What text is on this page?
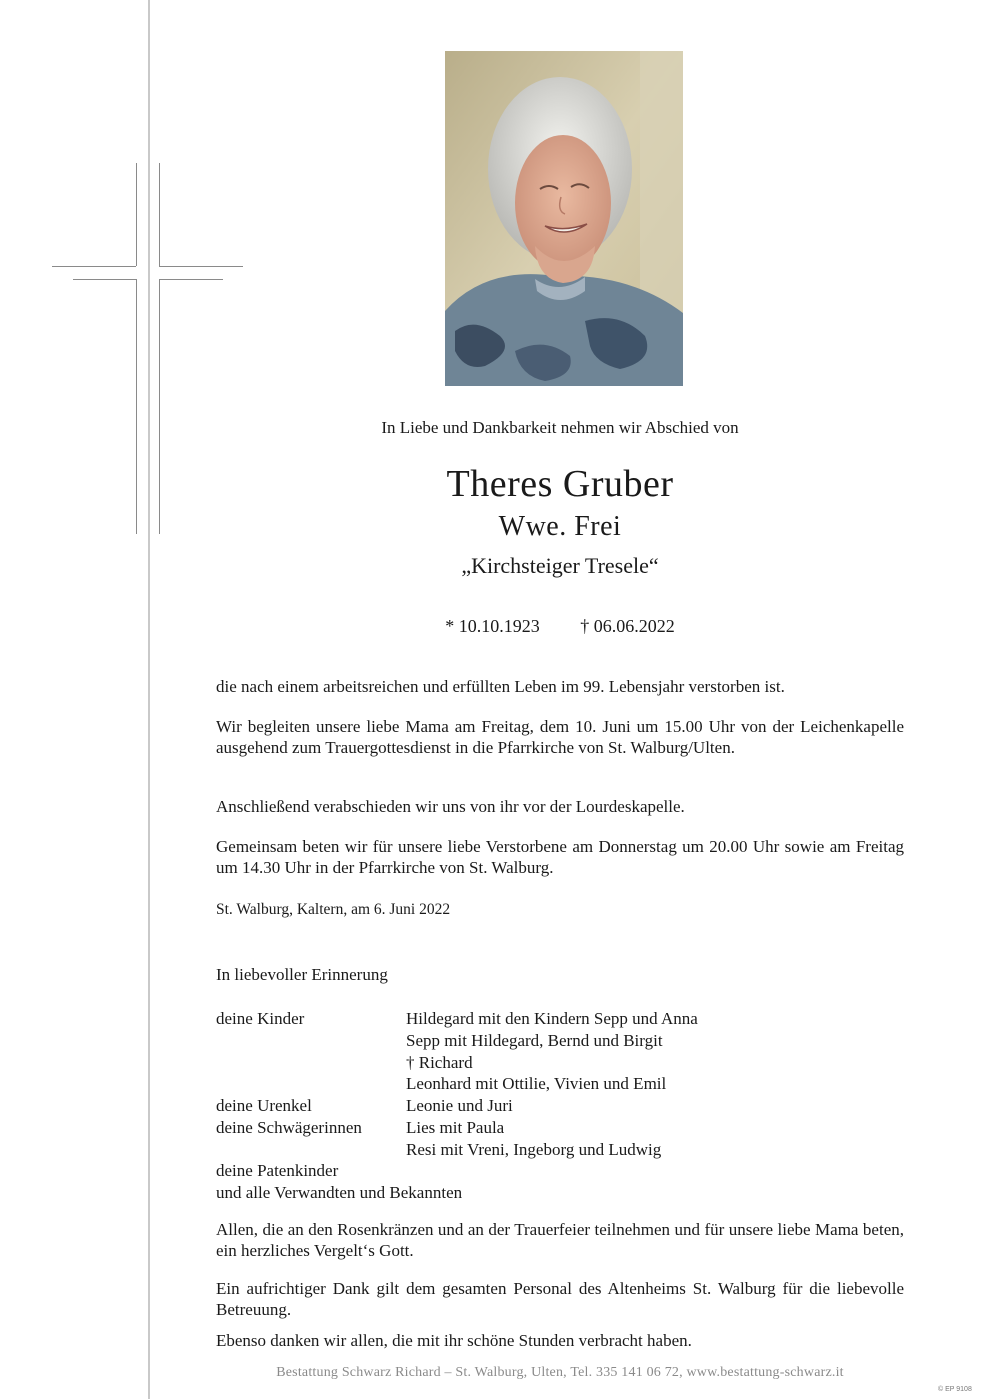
In Liebe und Dankbarkeit nehmen wir Abschied von
Theres Gruber
Wwe. Frei
„Kirchsteiger Tresele“
* 10.10.1923 † 06.06.2022
die nach einem arbeitsreichen und erfüllten Leben im 99. Lebensjahr verstorben ist.
Wir begleiten unsere liebe Mama am Freitag, dem 10. Juni um 15.00 Uhr von der Leichenkapelle ausgehend zum Trauergottesdienst in die Pfarrkirche von St. Walburg/Ulten.
Anschließend verabschieden wir uns von ihr vor der Lourdeskapelle.
Gemeinsam beten wir für unsere liebe Verstorbene am Donnerstag um 20.00 Uhr sowie am Freitag um 14.30 Uhr in der Pfarrkirche von St. Walburg.
St. Walburg, Kaltern, am 6. Juni 2022
In liebevoller Erinnerung
deine Kinder	Hildegard mit den Kindern Sepp und Anna
Sepp mit Hildegard, Bernd und Birgit
† Richard
Leonhard mit Ottilie, Vivien und Emil
Leonie und Juri
Lies mit Paula
Resi mit Vreni, Ingeborg und Ludwig
deine Urenkel
deine Schwägerinnen
deine Patenkinder
und alle Verwandten und Bekannten
Allen, die an den Rosenkränzen und an der Trauerfeier teilnehmen und für unsere liebe Mama beten, ein herzliches Vergelt‘s Gott.
Ein aufrichtiger Dank gilt dem gesamten Personal des Altenheims St. Walburg für die liebevolle Betreuung.
Ebenso danken wir allen, die mit ihr schöne Stunden verbracht haben.
Bestattung Schwarz Richard – St. Walburg, Ulten, Tel. 335 141 06 72, www.bestattung-schwarz.it
© EP 9108
